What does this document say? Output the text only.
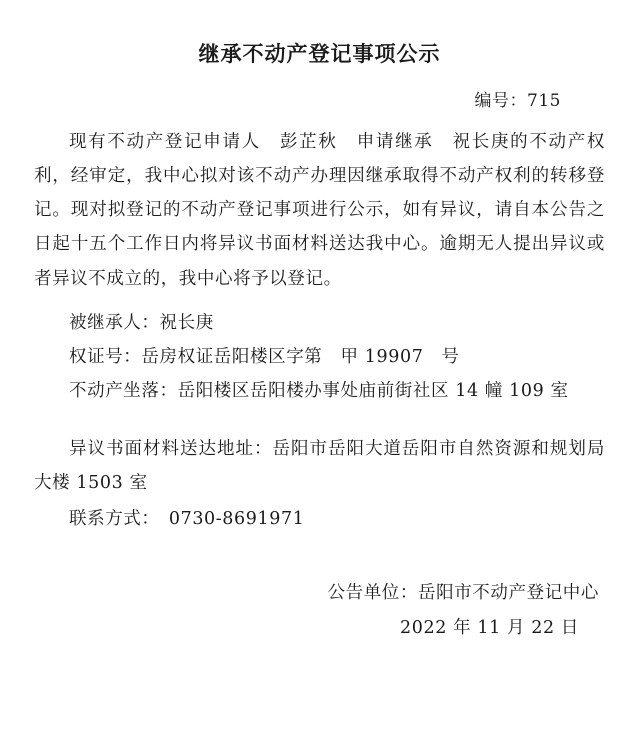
继承不动产登记事项公示
编号：715

现有不动产登记申请人　彭芷秋　申请继承　祝长庚的不动产权利，经审定，我中心拟对该不动产办理因继承取得不动产权利的转移登记。现对拟登记的不动产登记事项进行公示，如有异议，请自本公告之日起十五个工作日内将异议书面材料送达我中心。逾期无人提出异议或者异议不成立的，我中心将予以登记。

被继承人：祝长庚

权证号：岳房权证岳阳楼区字第　甲 19907　号

不动产坐落：岳阳楼区岳阳楼办事处庙前街社区 14 幢 109 室

异议书面材料送达地址：岳阳市岳阳大道岳阳市自然资源和规划局大楼 1503 室

联系方式：　0730-8691971

公告单位：岳阳市不动产登记中心
2022 年 11 月 22 日
